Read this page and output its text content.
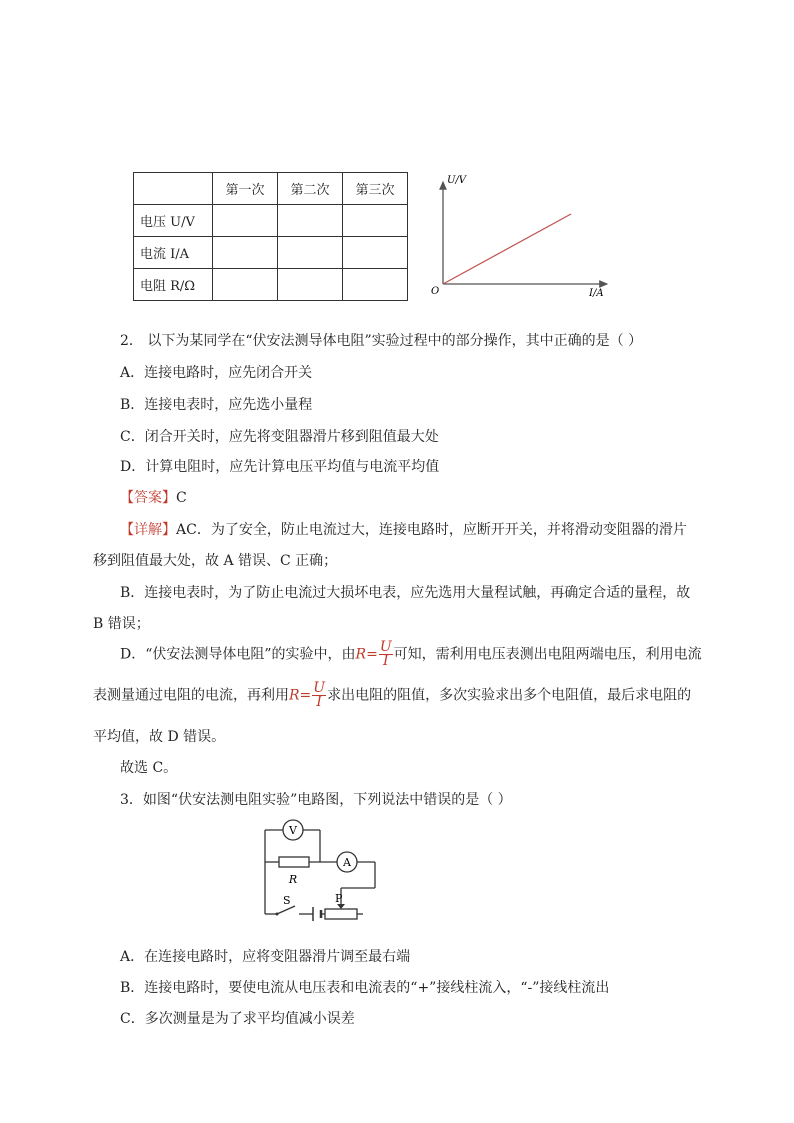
	第一次	第二次	第三次
电压 U/V			
电流 I/A			
电阻 R/Ω			
U/V
O	I/A
2． 以下为某同学在“伏安法测导体电阻”实验过程中的部分操作，其中正确的是（ ）
A．连接电路时，应先闭合开关
B．连接电表时，应先选小量程
C．闭合开关时，应先将变阻器滑片移到阻值最大处
D．计算电阻时，应先计算电压平均值与电流平均值
【答案】C
【详解】AC．为了安全，防止电流过大，连接电路时，应断开开关，并将滑动变阻器的滑片
移到阻值最大处，故 A 错误、C 正确；
B．连接电表时，为了防止电流过大损坏电表，应先选用大量程试触，再确定合适的量程，故
B 错误；
D．“伏安法测导体电阻”的实验中，由$R= \frac{U}{I}$ 可知，需利用电压表测出电阻两端电压，利用电流
表测量通过电阻的电流，再利用$R= \frac{U}{I}$ 求出电阻的阻值，多次实验求出多个电阻值，最后求电阻的
平均值，故 D 错误。
故选 C。
3．如图“伏安法测电阻实验”电路图，下列说法中错误的是（ ）
V
R
A
S	P
A．在连接电路时，应将变阻器滑片调至最右端
B．连接电路时，要使电流从电压表和电流表的“+”接线柱流入，“-”接线柱流出
C．多次测量是为了求平均值减小误差
